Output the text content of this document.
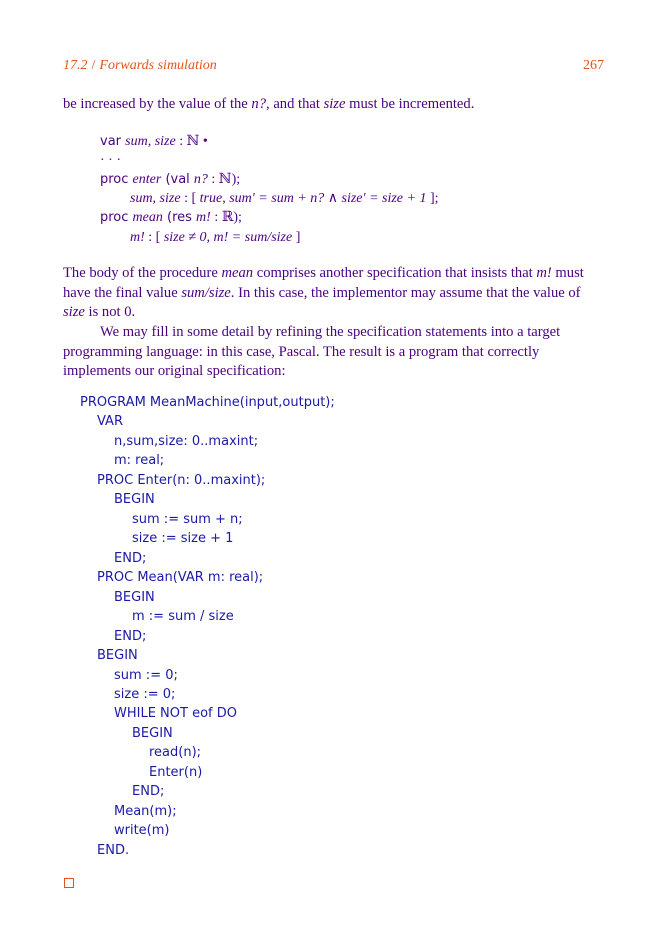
17.2 / Forwards simulation	267

be increased by the value of the n?, and that size must be incremented.

var sum, size : ℕ •
· · ·
proc enter (val n? : ℕ);
sum, size : [ true, sum′ = sum + n? ∧ size′ = size + 1 ];
proc mean (res m! : ℝ);
m! : [ size ≠ 0, m! = sum/size ]

The body of the procedure mean comprises another specification that insists that m! must have the final value sum/size. In this case, the implementor may assume that the value of size is not 0.

We may fill in some detail by refining the specification statements into a target programming language: in this case, Pascal. The result is a program that correctly implements our original specification:

PROGRAM MeanMachine(input,output);

VAR

n,sum,size: 0..maxint;

m: real;

PROC Enter(n: 0..maxint);

BEGIN

sum := sum + n;

size := size + 1

END;

PROC Mean(VAR m: real);

BEGIN

m := sum / size

END;

BEGIN

sum := 0;

size := 0;

WHILE NOT eof DO

BEGIN

read(n);

Enter(n)

END;

Mean(m);

write(m)

END.
